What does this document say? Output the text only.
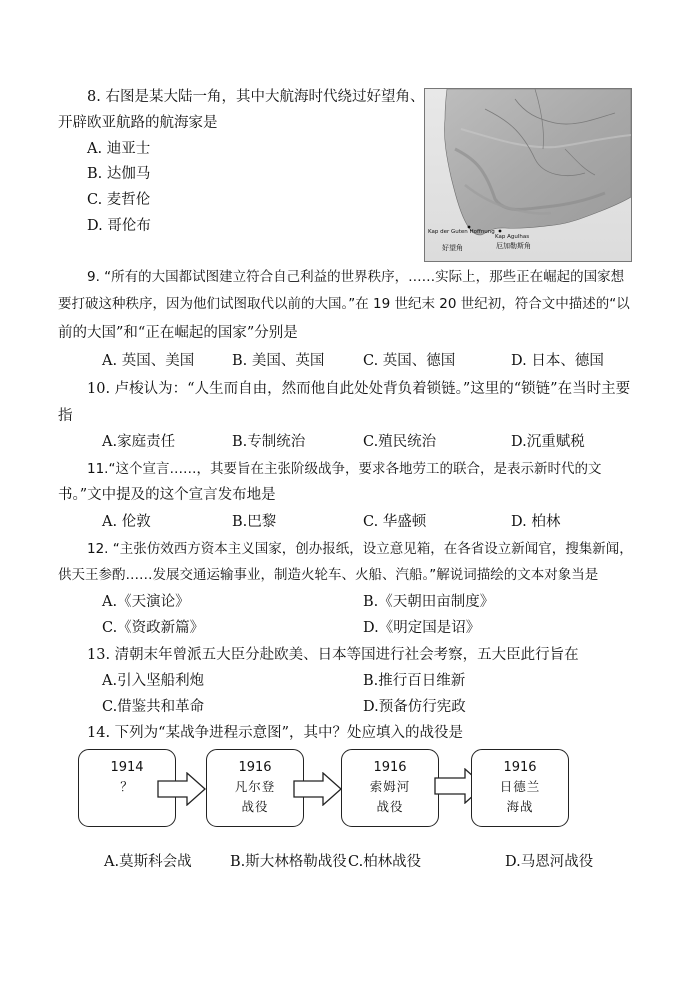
8. 右图是某大陆一角，其中大航海时代绕过好望角、
开辟欧亚航路的航海家是
A. 迪亚士
B. 达伽马
C. 麦哲伦
D. 哥伦布	Kap der Guten Hoffnung
好望角
Kap Agulhas
厄加勒斯角
9. “所有的大国都试图建立符合自己利益的世界秩序，……实际上，那些正在崛起的国家想
要打破这种秩序，因为他们试图取代以前的大国。”在 19 世纪末 20 世纪初，符合文中描述的“以
前的大国”和“正在崛起的国家”分别是
A. 英国、美国	B. 美国、英国	C. 英国、德国	D. 日本、德国
10. 卢梭认为：“人生而自由，然而他自此处处背负着锁链。”这里的“锁链”在当时主要
指
A.家庭责任	B.专制统治	C.殖民统治	D.沉重赋税
11.“这个宣言……，其要旨在主张阶级战争，要求各地劳工的联合，是表示新时代的文
书。”文中提及的这个宣言发布地是
A. 伦敦	B.巴黎	C. 华盛顿	D. 柏林
12. “主张仿效西方资本主义国家，创办报纸，设立意见箱，在各省设立新闻官，搜集新闻，
供天王参酌……发展交通运输事业，制造火轮车、火船、汽船。”解说词描绘的文本对象当是
A.《天演论》	B.《天朝田亩制度》
C.《资政新篇》	D.《明定国是诏》
13. 清朝末年曾派五大臣分赴欧美、日本等国进行社会考察，五大臣此行旨在
A.引入坚船利炮	B.推行百日维新
C.借鉴共和革命	D.预备仿行宪政
14. 下列为“某战争进程示意图”，其中？处应填入的战役是
1914
？
1916
凡尔登
战役
1916
索姆河
战役
1916
日德兰
海战
A.莫斯科会战	B.斯大林格勒战役 C.柏林战役	D.马恩河战役
